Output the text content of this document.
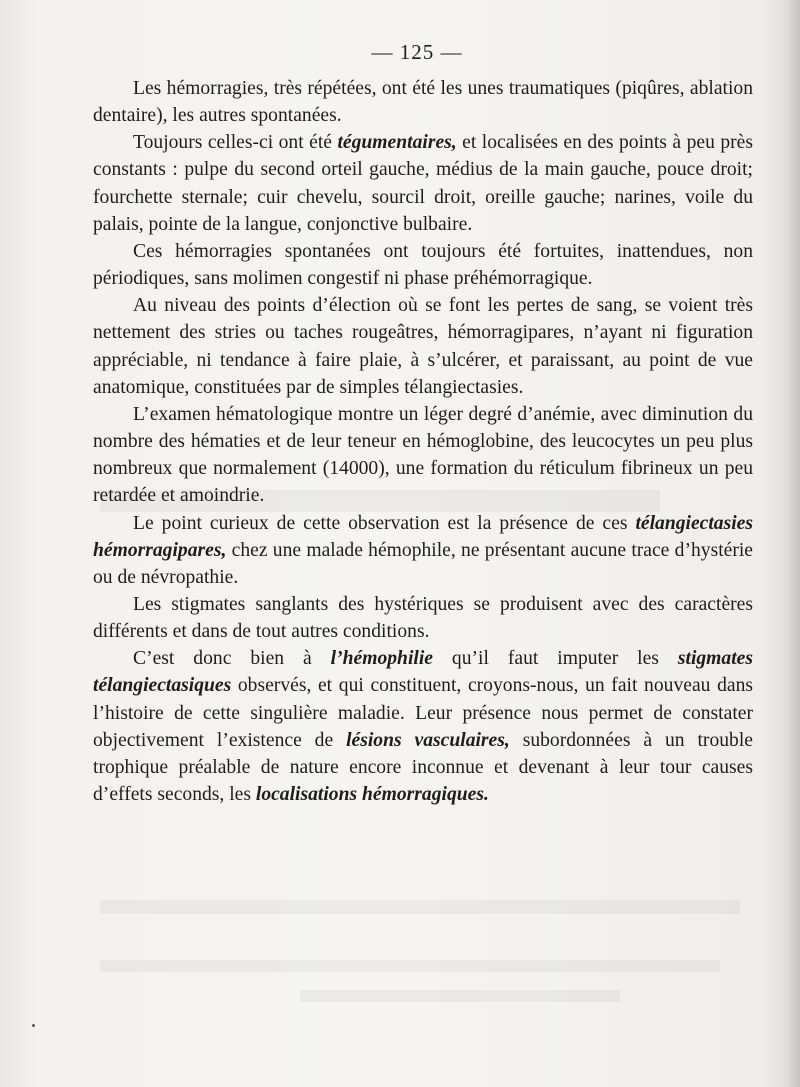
— 125 —

Les hémorragies, très répétées, ont été les unes traumatiques (piqûres, ablation dentaire), les autres spontanées.

Toujours celles-ci ont été tégumentaires, et localisées en des points à peu près constants : pulpe du second orteil gauche, médius de la main gauche, pouce droit; fourchette sternale; cuir chevelu, sourcil droit, oreille gauche; narines, voile du palais, pointe de la langue, conjonctive bulbaire.

Ces hémorragies spontanées ont toujours été fortuites, inattendues, non périodiques, sans molimen congestif ni phase préhémorragique.

Au niveau des points d’élection où se font les pertes de sang, se voient très nettement des stries ou taches rougeâtres, hémorragipares, n’ayant ni figuration appréciable, ni tendance à faire plaie, à s’ulcérer, et paraissant, au point de vue anatomique, constituées par de simples télangiectasies.

L’examen hématologique montre un léger degré d’anémie, avec diminution du nombre des hématies et de leur teneur en hémoglobine, des leucocytes un peu plus nombreux que normalement (14000), une formation du réticulum fibrineux un peu retardée et amoindrie.

Le point curieux de cette observation est la présence de ces télangiectasies hémorragipares, chez une malade hémophile, ne présentant aucune trace d’hystérie ou de névropathie.

Les stigmates sanglants des hystériques se produisent avec des caractères différents et dans de tout autres conditions.

C’est donc bien à l’hémophilie qu’il faut imputer les stigmates télangiectasiques observés, et qui constituent, croyons-nous, un fait nouveau dans l’histoire de cette singulière maladie. Leur présence nous permet de constater objectivement l’existence de lésions vasculaires, subordonnées à un trouble trophique préalable de nature encore inconnue et devenant à leur tour causes d’effets seconds, les localisations hémorragiques.
